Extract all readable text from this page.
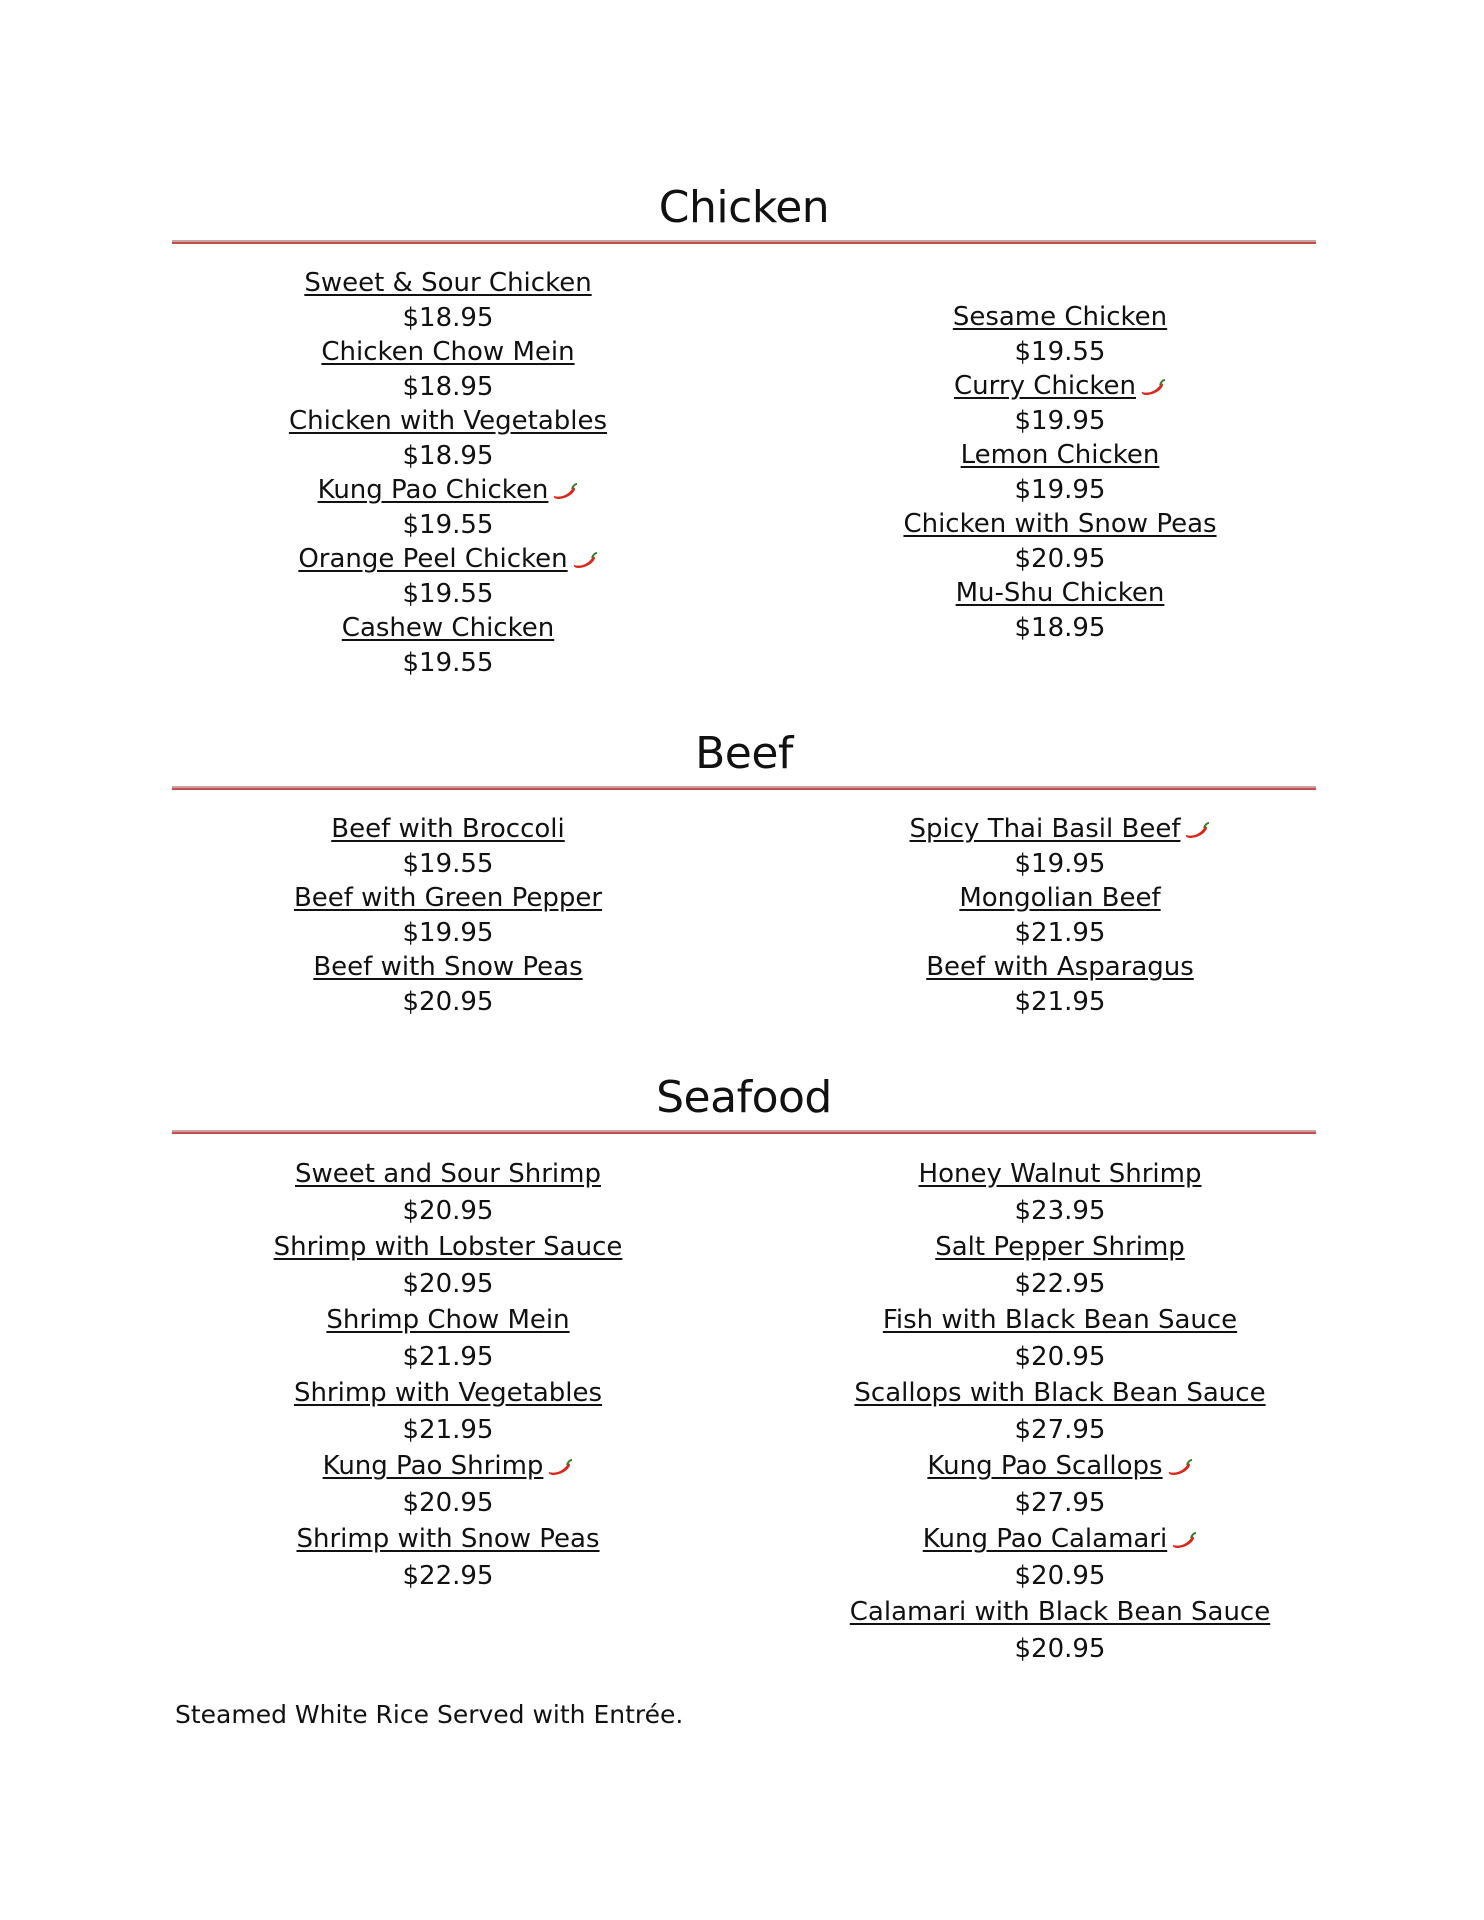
Chicken
Sweet & Sour Chicken
$18.95
Chicken Chow Mein
$18.95
Chicken with Vegetables
$18.95
Kung Pao Chicken
$19.55
Orange Peel Chicken
$19.55
Cashew Chicken
$19.55
Sesame Chicken
$19.55
Curry Chicken
$19.95
Lemon Chicken
$19.95
Chicken with Snow Peas
$20.95
Mu-Shu Chicken
$18.95
Beef
Beef with Broccoli
$19.55
Beef with Green Pepper
$19.95
Beef with Snow Peas
$20.95
Spicy Thai Basil Beef
$19.95
Mongolian Beef
$21.95
Beef with Asparagus
$21.95
Seafood
Sweet and Sour Shrimp
$20.95
Shrimp with Lobster Sauce
$20.95
Shrimp Chow Mein
$21.95
Shrimp with Vegetables
$21.95
Kung Pao Shrimp
$20.95
Shrimp with Snow Peas
$22.95
Honey Walnut Shrimp
$23.95
Salt Pepper Shrimp
$22.95
Fish with Black Bean Sauce
$20.95
Scallops with Black Bean Sauce
$27.95
Kung Pao Scallops
$27.95
Kung Pao Calamari
$20.95
Calamari with Black Bean Sauce
$20.95
Steamed White Rice Served with Entrée.
